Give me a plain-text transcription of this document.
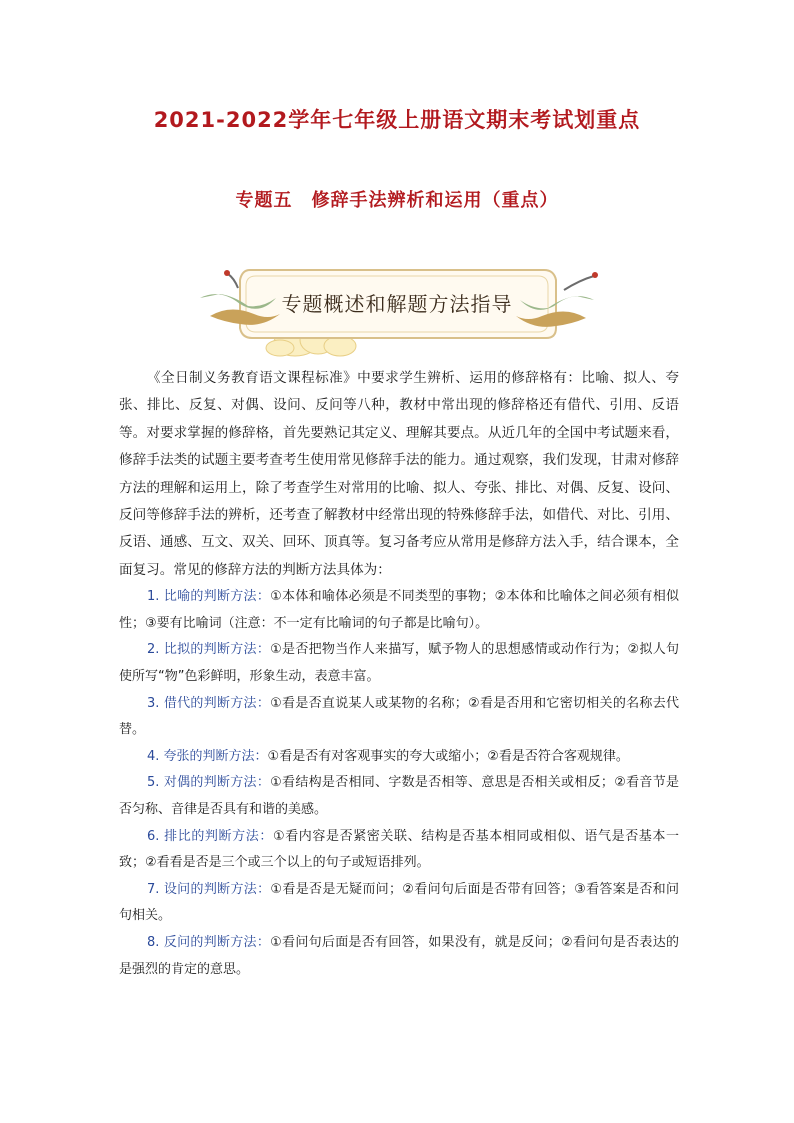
2021-2022学年七年级上册语文期末考试划重点
专题五　修辞手法辨析和运用（重点）
专题概述和解题方法指导

《全日制义务教育语文课程标准》中要求学生辨析、运用的修辞格有：比喻、拟人、夸张、排比、反复、对偶、设问、反问等八种，教材中常出现的修辞格还有借代、引用、反语等。对要求掌握的修辞格，首先要熟记其定义、理解其要点。从近几年的全国中考试题来看，修辞手法类的试题主要考查考生使用常见修辞手法的能力。通过观察，我们发现，甘肃对修辞方法的理解和运用上，除了考查学生对常用的比喻、拟人、夸张、排比、对偶、反复、设问、反问等修辞手法的辨析，还考查了解教材中经常出现的特殊修辞手法，如借代、对比、引用、反语、通感、互文、双关、回环、顶真等。复习备考应从常用是修辞方法入手，结合课本，全面复习。常见的修辞方法的判断方法具体为：

1. 比喻的判断方法：①本体和喻体必须是不同类型的事物；②本体和比喻体之间必须有相似性；③要有比喻词（注意：不一定有比喻词的句子都是比喻句）。

2. 比拟的判断方法：①是否把物当作人来描写，赋予物人的思想感情或动作行为；②拟人句使所写“物”色彩鲜明，形象生动，表意丰富。

3. 借代的判断方法：①看是否直说某人或某物的名称；②看是否用和它密切相关的名称去代替。

4. 夸张的判断方法：①看是否有对客观事实的夸大或缩小；②看是否符合客观规律。

5. 对偶的判断方法：①看结构是否相同、字数是否相等、意思是否相关或相反；②看音节是否匀称、音律是否具有和谐的美感。

6. 排比的判断方法：①看内容是否紧密关联、结构是否基本相同或相似、语气是否基本一致；②看看是否是三个或三个以上的句子或短语排列。

7. 设问的判断方法：①看是否是无疑而问；②看问句后面是否带有回答；③看答案是否和问句相关。

8. 反问的判断方法：①看问句后面是否有回答，如果没有，就是反问；②看问句是否表达的是强烈的肯定的意思。
